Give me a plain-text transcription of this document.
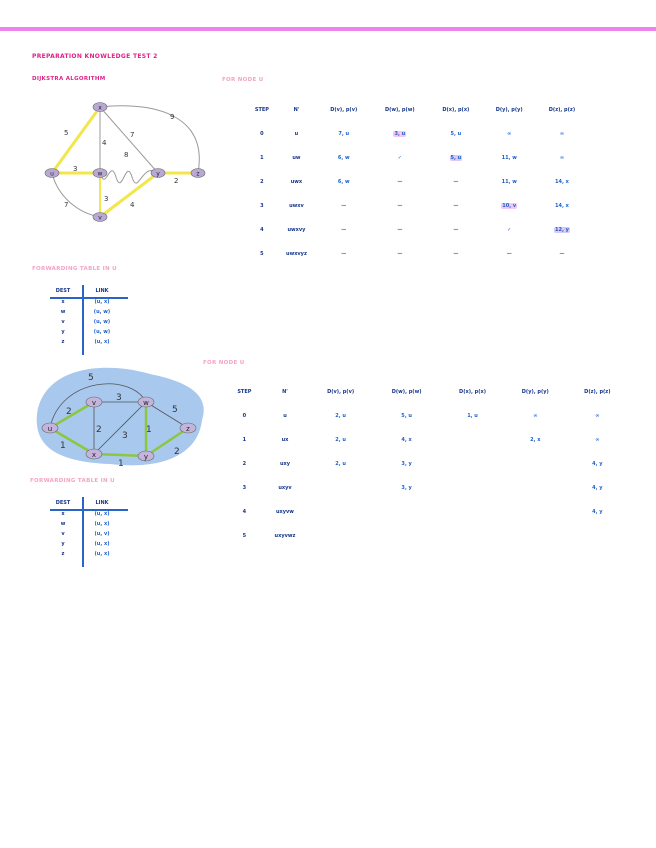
PREPARATION KNOWLEDGE TEST 2
DIJKSTRA ALGORITHM
5
3
4
7
3
8
7	4
2
9
x
u	w	y
v
z
FOR NODE U
STEP	N'	D(v), p(v)	D(w), p(w)	D(x), p(x)	D(y), p(y)	D(z), p(z)
0	u	7, u	3, u	5, u	∞	∞
1	uw	6, w	✓	5, u	11, w	∞
2	uwx	6, w	—	—	11, w	14, x
3	uwxv	—	—	—	10, v	14, x
4	uwxvy	—	—	—	✓	12, y
5	uwxvyz	—	—	—	—	—
FORWARDING TABLE IN U
DEST	LINK
x	(u, x)
w	(u, w)
v	(u, w)
y	(u, w)
z	(u, x)
5
2
3
2
3
1
5
1
1
2
v	w
u	z
x	y
FOR NODE U
STEP	N'	D(v), p(v)	D(w), p(w)	D(x), p(x)	D(y), p(y)	D(z), p(z)
0	u	2, u	5, u	1, u	∞	∞
1	ux	2, u	4, x		2, x	∞
2	uxy	2, u	3, y			4, y
3	uxyv		3, y			4, y
4	uxyvw					4, y
5	uxyvwz					
FORWARDING TABLE IN U
DEST	LINK
x	(u, x)
w	(u, x)
v	(u, v)
y	(u, x)
z	(u, x)
